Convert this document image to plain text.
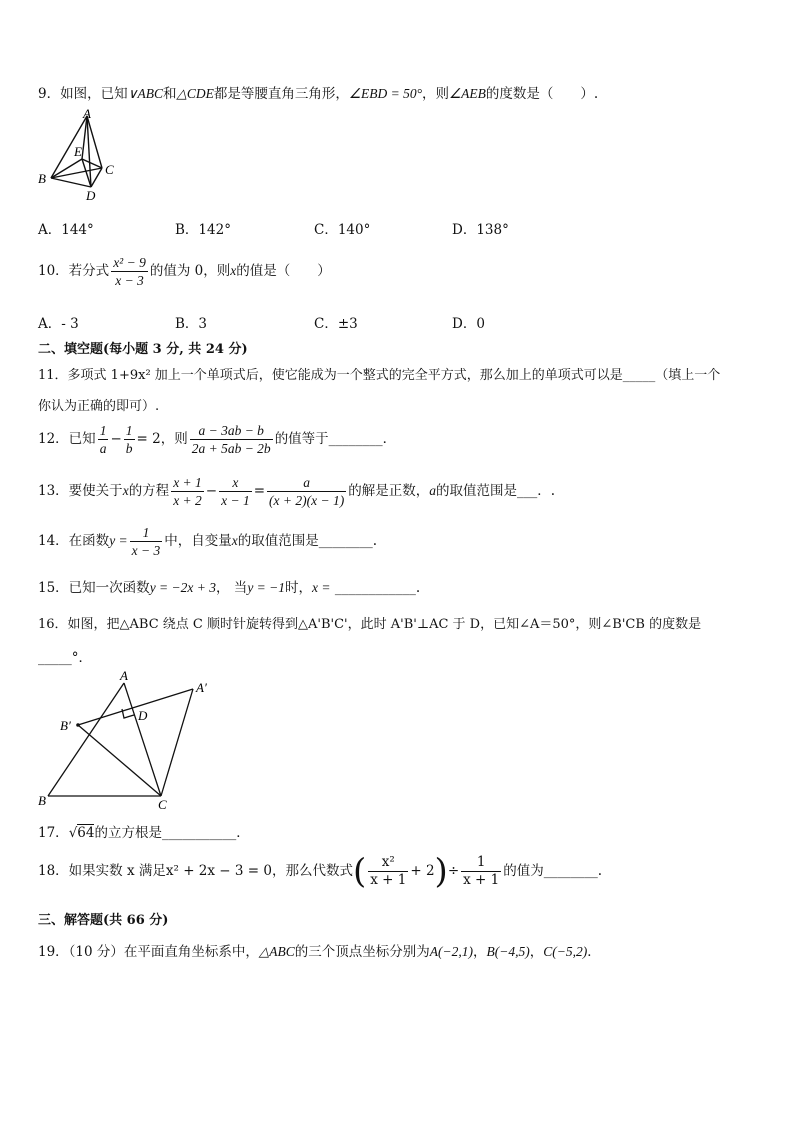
9．如图，已知∨ABC和△CDE都是等腰直角三角形，∠EBD = 50°，则∠AEB的度数是（　　）.
A
B
C
D
E
A．144°	B．142°	C．140°	D．138°
10．若分式 $\frac{\text{x² − 9}}{x - 3}$ 的值为 0，则x的值是（　　）
A．- 3	B．3	C．±3	D．0
二、填空题(每小题 3 分, 共 24 分)
11．多项式 1+9x² 加上一个单项式后，使它能成为一个整式的完全平方式，那么加上的单项式可以是_____（填上一个
你认为正确的即可）.
12．已知 $\frac{1}{a} - \frac{1}{b} = 2$，则 $\frac{a - 3ab - b}{2a + 5ab - 2b}$ 的值等于________．
13．要使关于x的方程 $\frac{x + 1}{x + 2} - \frac{x}{x - 1} = \frac{a}{(x + 2)(x - 1)}$ 的解是正数，a的取值范围是___．.
14．在函数$y = \frac{1}{x - 3}$ 中，自变量x的取值范围是________.
15．已知一次函数y = −2x + 3， 当y = −1时，x = ____________.
16．如图，把△ABC 绕点 C 顺时针旋转得到△A'B'C'，此时 A'B'⊥AC 于 D，已知∠A＝50°，则∠B'CB 的度数是
_____°．
A
A′
B′
B	C
D
17．√64的立方根是___________．
18．如果实数 x 满足x² + 2x − 3 = 0，那么代数式( $\frac{\text{x²}}{x + 1} + 2)\div \frac{1}{x + 1}$ 的值为________.
三、解答题(共 66 分)
19．（10 分）在平面直角坐标系中，△ABC的三个顶点坐标分别为A(−2,1)，B(−4,5)，C(−5,2)．
